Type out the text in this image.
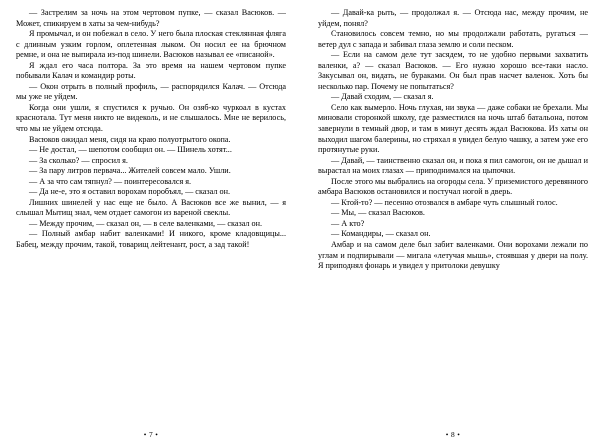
— Застрелим за ночь на этом чертовом пупке, — сказал Васюков. — Может, спикируем в хаты за чем-нибудь?

Я промычал, и он побежал в село. У него была плоская стеклянная фляга с длинным узким горлом, оплетенная лыком. Он носил ее на брючном ремне, и она не выпирала из-под шинели. Васюков называл ее «писаной».

Я ждал его часа полтора. За это время на нашем чертовом пупке побывали Калач и командир роты.

— Окон отрыть в полный профиль, — распорядился Калач. — Отсюда мы уже не уйдем.

Когда они ушли, я спустился к ручью. Он озяб-ко чуркоал в кустах краснотала. Тут меня никто не видеколь, и не слышалось. Мне не верилось, что мы не уйдем отсюда.

Васюков ожидал меня, сидя на краю полуотрытого окопа.

— Не достал, — шепотом сообщил он. — Шинель хотят...

— За сколько? — спросил я.

— За пару литров первача... Жителей совсем мало. Ушли.

— А за что сам тяпнул? — поинтересовался я.

— Да не-е, это я оставил ворохам поробъял, — сказал он.

Лишних шинелей у нас еще не было. А Васюков все же вынил, — я слышал Мытищ знал, чем отдает самогон из вареной свеклы.

— Между прочим, — сказал он, — в селе валенками, — сказал он.

— Полный амбар набит валенками! И никого, кроме кладовщицы... Бабец, между прочим, такой, товарищ лейтенант, рост, а зад такой!

• 7 •

— Давай-ка рыть, — продолжал я. — Отсюда нас, между прочим, не уйдем, понял?

Становилось совсем темно, но мы продолжали работать, ругаться — ветер дул с запада и забивал глаза землю и соли песком.

— Если на самом деле тут засядем, то не удобно первыми захватить валенки, а? — сказал Васюков. — Его нужно хорошо все-таки насло. Закусывал он, видать, не бураками. Он был прав насчет валенок. Хоть бы несколько пар. Почему не попытаться?

— Давай сходим, — сказал я.

Село как вымерло. Ночь глухая, ни звука — даже собаки не брехали. Мы миновали сторонкой школу, где разместился на ночь штаб батальона, потом завернули в темный двор, и там в минут десять ждал Васюкова. Из хаты он выходил шагом балерины, но стряхал я увидел белую чашку, а затем уже его протянутые руки.

— Давай, — таинственно сказал он, и пока я пил самогон, он не дышал и вырастал на моих глазах — приподнимался на цыпочки.

После этого мы выбрались на огороды села. У приземистого деревянного амбара Васюков остановился и постучал ногой в дверь.

— Ктой-то? — песенно отозвался в амбаре чуть слышный голос.

— Мы, — сказал Васюков.

— А кто?

— Командиры, — сказал он.

Амбар и на самом деле был забит валенками. Они ворохами лежали по углам и подпирывали — мигала «летучая мышь», стоявшая у двери на полу. Я приподнял фонарь и увидел у притолоки девушку

• 8 •
